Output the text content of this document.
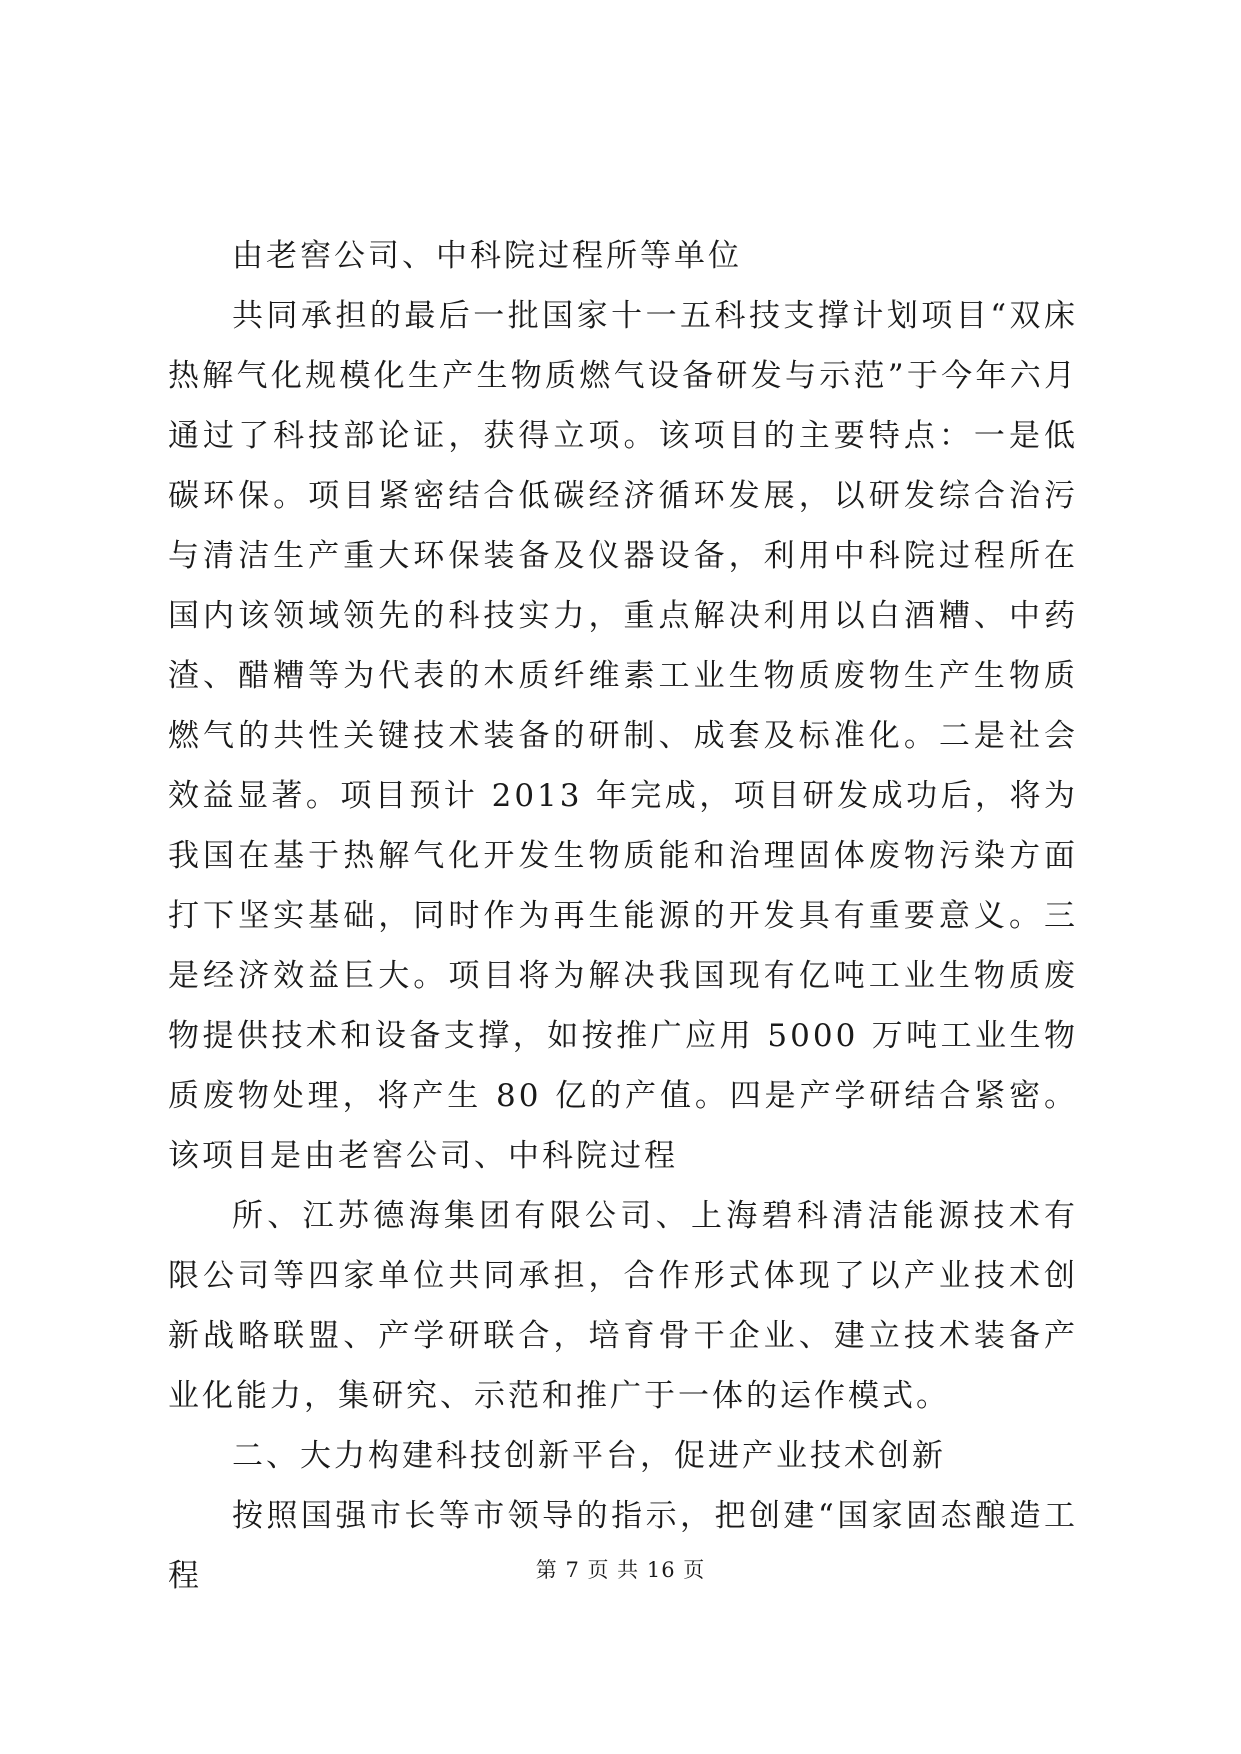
由老窖公司、中科院过程所等单位

共同承担的最后一批国家十一五科技支撑计划项目“双床热解气化规模化生产生物质燃气设备研发与示范”于今年六月通过了科技部论证，获得立项。该项目的主要特点：一是低碳环保。项目紧密结合低碳经济循环发展，以研发综合治污与清洁生产重大环保装备及仪器设备，利用中科院过程所在国内该领域领先的科技实力，重点解决利用以白酒糟、中药渣、醋糟等为代表的木质纤维素工业生物质废物生产生物质燃气的共性关键技术装备的研制、成套及标准化。二是社会效益显著。项目预计 2013 年完成，项目研发成功后，将为我国在基于热解气化开发生物质能和治理固体废物污染方面打下坚实基础，同时作为再生能源的开发具有重要意义。三是经济效益巨大。项目将为解决我国现有亿吨工业生物质废物提供技术和设备支撑，如按推广应用 5000 万吨工业生物质废物处理，将产生 80 亿的产值。四是产学研结合紧密。该项目是由老窖公司、中科院过程

所、江苏德海集团有限公司、上海碧科清洁能源技术有限公司等四家单位共同承担，合作形式体现了以产业技术创新战略联盟、产学研联合，培育骨干企业、建立技术装备产业化能力，集研究、示范和推广于一体的运作模式。

二、大力构建科技创新平台，促进产业技术创新

按照国强市长等市领导的指示，把创建“国家固态酿造工程	第 7 页 共 16 页
